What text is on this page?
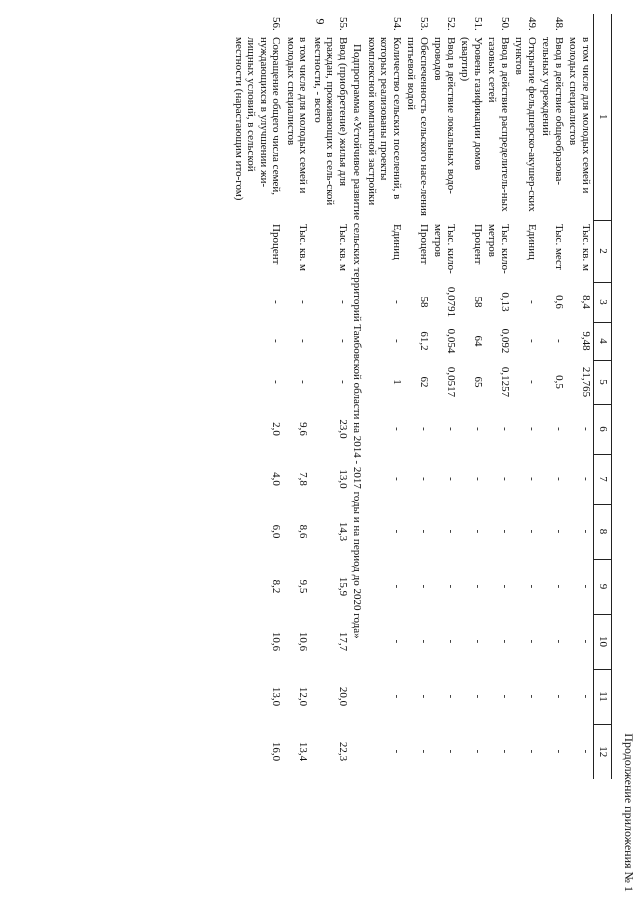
9
Продолжение приложения № 1
1		2	3	4	5	6	7	8	9	10	11	12
	в том числе для молодых семей и молодых специалистов	Тыс. кв. м	8,4	9,48	21,765	-	-	-	-	-	-	-
48.	Ввод в действие общеобразова-тельных учреждений	Тыс. мест	0,6	-	0,5	-	-	-	-	-	-	-
49.	Открытие фельдшерско-акушер-ских пунктов	Единиц	-	-	-	-	-	-	-	-	-	-
50.	Ввод в действие распределитель-ных газовых сетей	Тыс. кило-метров	0,13	0,092	0,1257	-	-	-	-	-	-	-
51.	Уровень газификации домов (квартир)	Процент	58	64	65	-	-	-	-	-	-	-
52.	Ввод в действие локальных водо-проводов	Тыс. кило-метров	0,0791	0,054	0,0517	-	-	-	-	-	-	-
53.	Обеспеченность сельского насе-ления питьевой водой	Процент	58	61,2	62	-	-	-	-	-	-	-
54.	Количество сельских поселений, в которых реализованы проекты комплексной компактной застройки	Единиц	-	-	1	-	-	-	-	-	-	-
Подпрограмма «Устойчивое развитие сельских территорий Тамбовской области на 2014 - 2017 годы и на период до 2020 года»												
55.	Ввод (приобретение) жилья для граждан, проживающих в сель-ской местности, - всего	Тыс. кв. м	-	-	-	23,0	13,0	14,3	15,9	17,7	20,0	22,3
	в том числе для молодых семей и молодых специалистов	Тыс. кв. м	-	-	-	9,6	7,8	8,6	9,5	10,6	12,0	13,4
56.	Сокращение общего числа семей, нуждающихся в улучшении жи-лищных условий, в сельской местности (нарастающим ито-гом)	Процент	-	-	-	2,0	4,0	6,0	8,2	10,6	13,0	16,0
